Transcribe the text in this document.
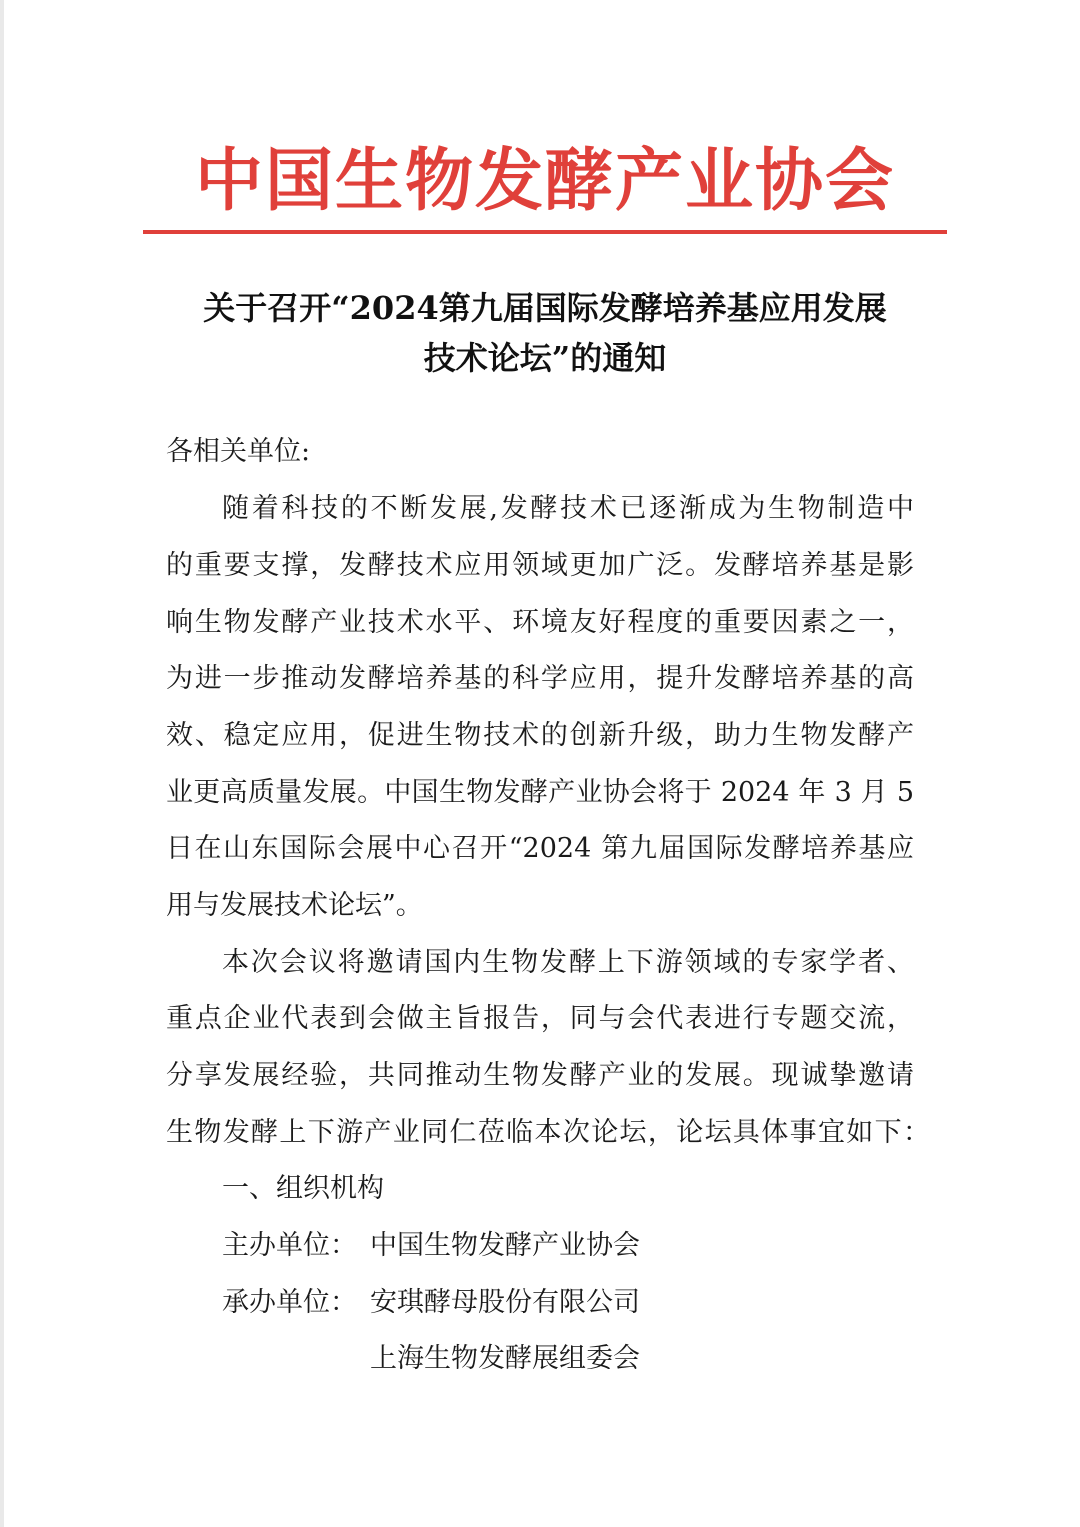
中国生物发酵产业协会
关于召开“2024第九届国际发酵培养基应用发展
技术论坛”的通知
各相关单位:
随着科技的不断发展,发酵技术已逐渐成为生物制造中
的重要支撑，发酵技术应用领域更加广泛。发酵培养基是影
响生物发酵产业技术水平、环境友好程度的重要因素之一，
为进一步推动发酵培养基的科学应用，提升发酵培养基的高
效、稳定应用，促进生物技术的创新升级，助力生物发酵产
业更高质量发展。中国生物发酵产业协会将于 2024 年 3 月 5
日在山东国际会展中心召开“2024 第九届国际发酵培养基应
用与发展技术论坛”。
本次会议将邀请国内生物发酵上下游领域的专家学者、
重点企业代表到会做主旨报告，同与会代表进行专题交流，
分享发展经验，共同推动生物发酵产业的发展。现诚挚邀请
生物发酵上下游产业同仁莅临本次论坛，论坛具体事宜如下：
一、组织机构
主办单位： 中国生物发酵产业协会
承办单位： 安琪酵母股份有限公司
上海生物发酵展组委会
